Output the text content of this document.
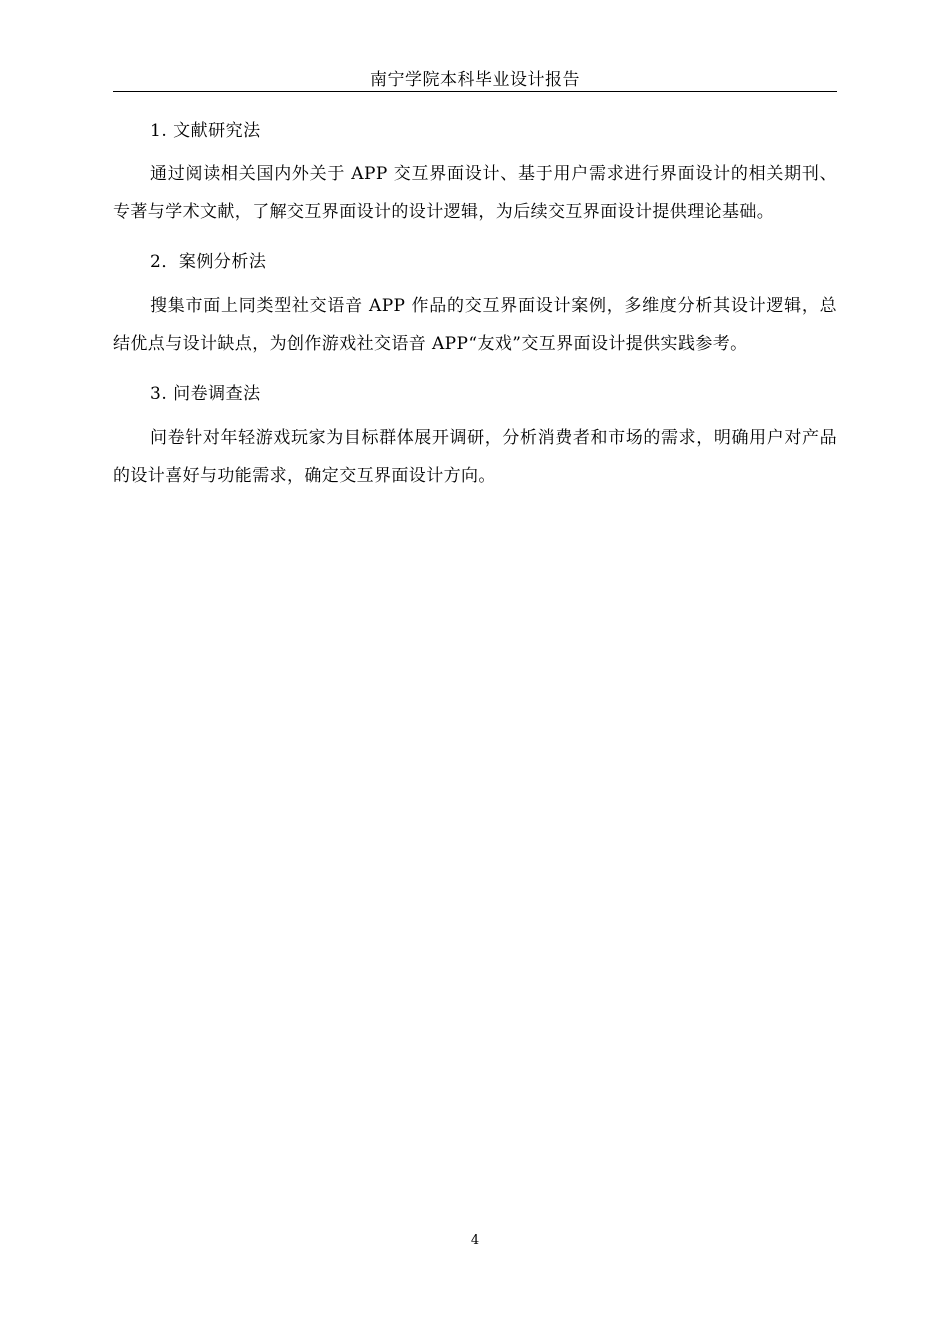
南宁学院本科毕业设计报告

1. 文献研究法

通过阅读相关国内外关于 APP 交互界面设计、基于用户需求进行界面设计的相关期刊、专著与学术文献，了解交互界面设计的设计逻辑，为后续交互界面设计提供理论基础。

2．案例分析法

搜集市面上同类型社交语音 APP 作品的交互界面设计案例，多维度分析其设计逻辑，总结优点与设计缺点，为创作游戏社交语音 APP“友戏”交互界面设计提供实践参考。

3. 问卷调查法

问卷针对年轻游戏玩家为目标群体展开调研，分析消费者和市场的需求，明确用户对产品的设计喜好与功能需求，确定交互界面设计方向。

4
